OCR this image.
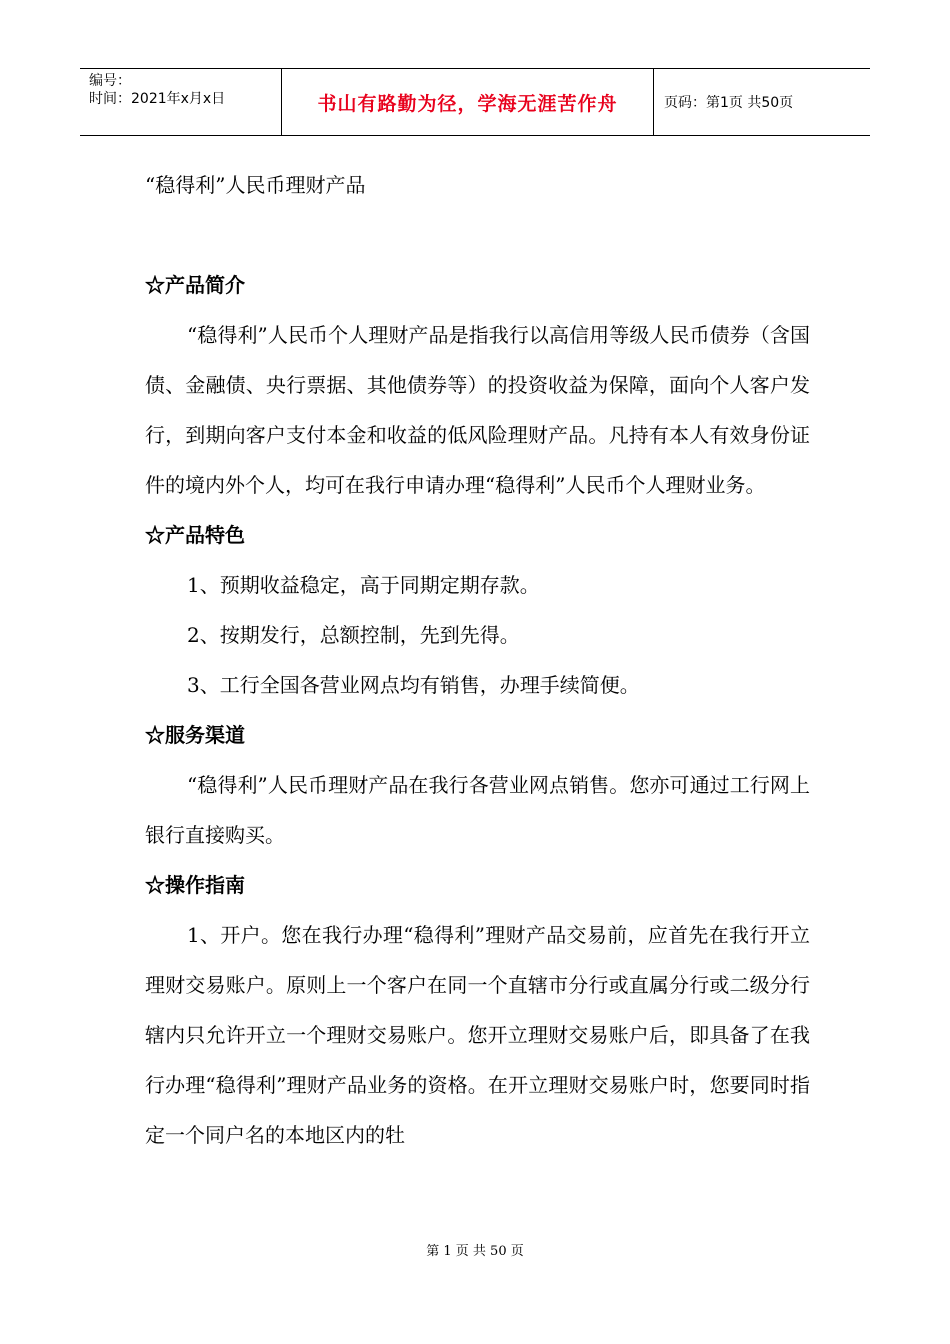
编号：
时间：2021年x月x日	书山有路勤为径，学海无涯苦作舟	页码：第1页 共50页

“稳得利”人民币理财产品

☆产品简介

“稳得利”人民币个人理财产品是指我行以高信用等级人民币债券（含国债、金融债、央行票据、其他债券等）的投资收益为保障，面向个人客户发行，到期向客户支付本金和收益的低风险理财产品。凡持有本人有效身份证件的境内外个人，均可在我行申请办理“稳得利”人民币个人理财业务。

☆产品特色

1、预期收益稳定，高于同期定期存款。

2、按期发行，总额控制，先到先得。

3、工行全国各营业网点均有销售，办理手续简便。

☆服务渠道

“稳得利”人民币理财产品在我行各营业网点销售。您亦可通过工行网上银行直接购买。

☆操作指南

1、开户。您在我行办理“稳得利”理财产品交易前，应首先在我行开立理财交易账户。原则上一个客户在同一个直辖市分行或直属分行或二级分行辖内只允许开立一个理财交易账户。您开立理财交易账户后，即具备了在我行办理“稳得利”理财产品业务的资格。在开立理财交易账户时，您要同时指定一个同户名的本地区内的牡

第 1 页 共 50 页
